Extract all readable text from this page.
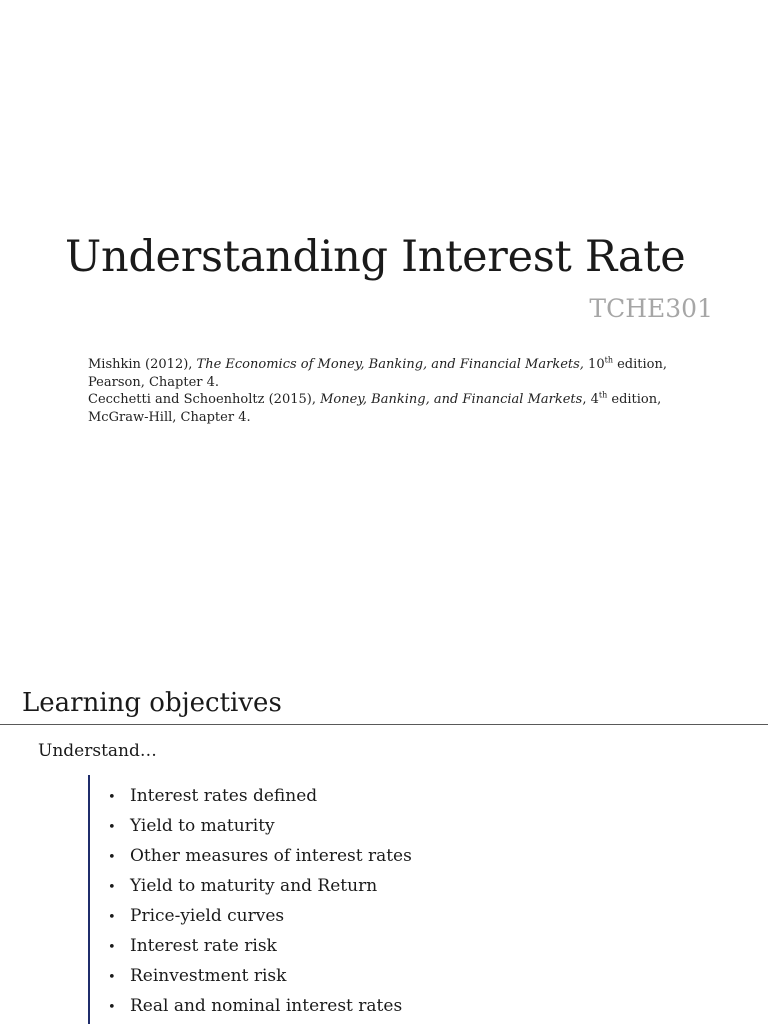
Understanding Interest Rate
TCHE301

Mishkin (2012), The Economics of Money, Banking, and Financial Markets, 10th edition, Pearson, Chapter 4.

Cecchetti and Schoenholtz (2015), Money, Banking, and Financial Markets, 4th edition, McGraw-Hill, Chapter 4.

Learning objectives
Understand…
• Interest rates defined
• Yield to maturity
• Other measures of interest rates
• Yield to maturity and Return
• Price-yield curves
• Interest rate risk
• Reinvestment risk
• Real and nominal interest rates
